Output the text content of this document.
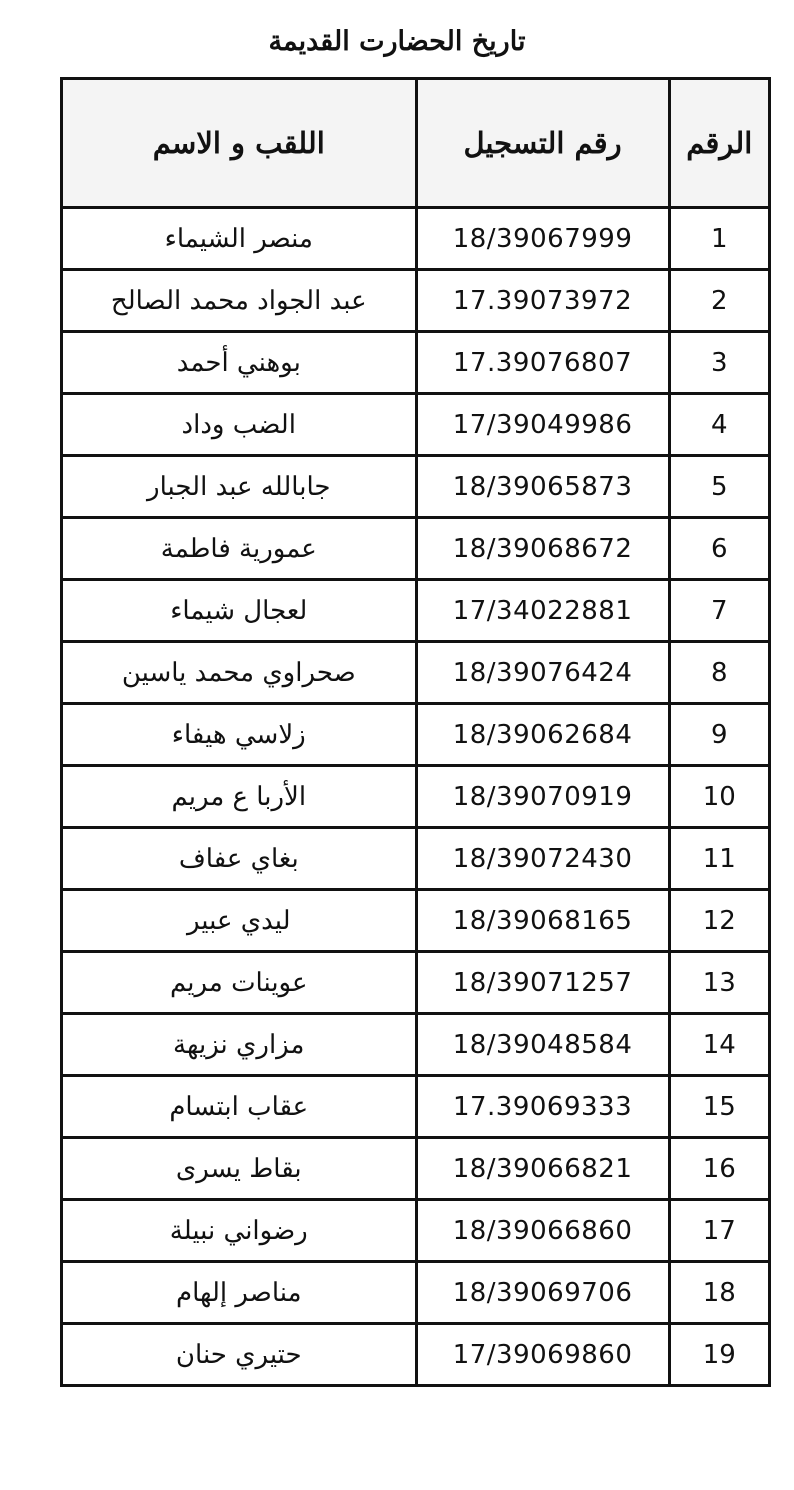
تاريخ الحضارت القديمة
الرقم	رقم التسجيل	اللقب و الاسم
1	18/39067999	منصر الشيماء
2	17.39073972	عبد الجواد محمد الصالح
3	17.39076807	بوهني أحمد
4	17/39049986	الضب وداد
5	18/39065873	جابالله عبد الجبار
6	18/39068672	عمورية فاطمة
7	17/34022881	لعجال شيماء
8	18/39076424	صحراوي محمد ياسين
9	18/39062684	زلاسي هيفاء
10	18/39070919	الأربا ع مريم
11	18/39072430	بغاي عفاف
12	18/39068165	ليدي عبير
13	18/39071257	عوينات مريم
14	18/39048584	مزاري نزيهة
15	17.39069333	عقاب ابتسام
16	18/39066821	بقاط يسرى
17	18/39066860	رضواني نبيلة
18	18/39069706	مناصر إلهام
19	17/39069860	حتيري حنان
